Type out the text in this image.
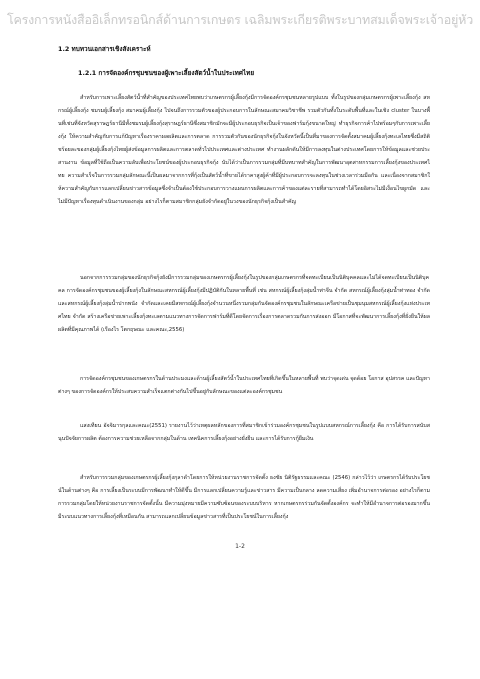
โครงการหนังสืออิเล็กทรอนิกส์ด้านการเกษตร เฉลิมพระเกียรติพระบาทสมเด็จพระเจ้าอยู่หัว
1.2 ทบทวนเอกสารเชิงสังเคราะห์
1.2.1 การจัดองค์กรชุมชนของผู้เพาะเลี้ยงสัตว์น้ำในประเทศไทย

สำหรับการเพาะเลี้ยงสัตว์น้ำที่สำคัญของประเทศไทยพบว่าเกษตรกรผู้เลี้ยงกุ้งมีการจัดองค์กรชุมชนหลายรูปแบบ ทั้งในรูปของกลุ่มเกษตรกรผู้เพาะเลี้ยงกุ้ง สหกรณ์ผู้เลี้ยงกุ้ง ชมรมผู้เลี้ยงกุ้ง สมาคมผู้เลี้ยงกุ้ง ไปจนถึงการรวมตัวของผู้ประกอบการในลักษณะสมาคมวิชาชีพ รวมตัวกันทั้งในระดับพื้นที่และในเชิง cluster ในบางพื้นที่เช่นที่จังหวัดสุราษฎร์ธานีมีทั้งชมรมผู้เลี้ยงกุ้งสุราษฎร์ธานีซึ่งสมาชิกมักจะมีผู้ประกอบธุรกิจเป็นเจ้าของฟาร์มกุ้งขนาดใหญ่ ทำธุรกิจการค้าไปพร้อมๆกับการเพาะเลี้ยงกุ้ง ให้ความสำคัญกับการแก้ปัญหาเรื่องราคาผลผลิตและการตลาด การรวมตัวกันของนักธุรกิจกุ้งในจังหวัดนี้เป็นที่มาของการจัดตั้งสมาคมผู้เลี้ยงกุ้งทะเลไทยซึ่งมีสถิติชร้อยละของกลุ่มผู้เลี้ยงกุ้งไทยผู้ส่งข้อมูลการผลิตและการตลาดทั่วไปประเทศและต่างประเทศ ทำงานผลักดันให้มีการลงทุนในต่างประเทศโดยการให้ข้อมูลและช่วยประสานงาน ข้อมูลที่ใช้ถือเป็นความลับเพื่อประโยชน์ของผู้ประกอบธุรกิจกุ้ง นับได้ว่าเป็นการรวมกลุ่มที่มีบทบาทสำคัญในการพัฒนาอุตสาหกรรมการเลี้ยงกุ้งของประเทศไทย ความสำเร็จในการรวมกลุ่มลักษณะนี้เป็นผลมาจากการที่กุ้งเป็นสัตว์น้ำที่ขายได้ราคาสูงผู้ค้าที่มีผู้ประกอบการจะลงทุนในช่วงเวลาร่วมมือกัน และเนื่องจากสมาชิกให้ความสำคัญกับการแลกเปลี่ยนข่าวสารข้อมูลซึ่งจำเป็นต้องใช้ประกอบการวางแผนการผลิตและการค้าของแต่ละรายที่สามารถทำได้โดยอิสระไม่มีเงื่อนไขผูกมัด และไม่มีปัญหาเรื่องทุนดำเนินงานของกลุ่ม อย่างไรก็ตามสมาชิกกลุ่มยังจำกัดอยู่ในวงของนักธุรกิจกุ้งเป็นสำคัญ

นอกจากการรวมกลุ่มของนักธุรกิจกุ้งยังมีการรวมกลุ่มของเกษตรกรผู้เลี้ยงกุ้งในรูปของกลุ่มเกษตรกรที่จดทะเบียนเป็นนิติบุคคลและไม่ได้จดทะเบียนเป็นนิติบุคคล การจัดองค์กรชุมชนของผู้เลี้ยงกุ้งในลักษณะสหกรณ์ผู้เลี้ยงกุ้งมีปฏิบัติกันในหลายพื้นที่ เช่น สหกรณ์ผู้เลี้ยงกุ้งลุ่มน้ำท่าจีน จำกัด สหกรณ์ผู้เลี้ยงกุ้งลุ่มน้ำท่าทอง จำกัด และสหกรณ์ผู้เลี้ยงกุ้งลุ่มน้ำปากพนัง จำกัดและเคยมีสหกรณ์ผู้เลี้ยงกุ้งจำนวนหนึ่งรวมกลุ่มกันจัดองค์กรชุมชนในลักษณะเครือข่ายเป็นชุมนุมสหกรณ์ผู้เลี้ยงกุ้งแห่งประเทศไทย จำกัด สร้างเครือข่ายเพาะเลี้ยงกุ้งทะเลตามแนวทางการจัดการฟาร์มที่ดีโดยจัดการเรื่องการตลาดรวมกันการส่งออก มีโอกาสที่จะพัฒนาการเลี้ยงกุ้งที่ยั่งยืนให้ผลผลิตที่มีคุณภาพได้ (เรืองไร โตกฤษณะ และคณะ,2556)

การจัดองค์กรชุมชนของเกษตรกรในด้านประมงและด้านผู้เลี้ยงสัตว์น้ำในประเทศไทยที่เกิดขึ้นในหลายพื้นที่ พบว่าจุดเด่น จุดด้อย โอกาส อุปสรรค และปัญหาต่างๆ ของการจัดองค์กรให้ประสบความสำเร็จแตกต่างกันไปขึ้นอยู่กับลักษณะของแต่ละองค์กรชุมชน

แสงเทียน อัจจิมารกุลและคณะ(2551) รายงานไว้ว่าเหตุผลหลักของการที่สมาชิกเข้าร่วมองค์กรชุมชนในรูปแบบสหกรณ์การเลี้ยงกุ้ง คือ การได้รับการสนับสนุนปัจจัยการผลิต ต้องการความช่วยเหลือจากกลุ่มในด้าน เทคนิคการเลี้ยงกุ้งอย่างยั่งยืน และการได้รับการกู้ยืมเงิน

สำหรับการรวมกลุ่มของเกษตรกรผู้เลี้ยงกุ้งกุลาดำโดยการให้หน่วยงานราชการจัดตั้ง ธงชัย นิติรัฐธรรมและคณะ (2546) กล่าวไว้ว่า เกษตรกรได้รับประโยชน์ในด้านต่างๆ คือ การเลี้ยงเป็นระบบมีการพัฒนาทำให้ดีขึ้น มีการแลกเปลี่ยนความรู้และข่าวสาร มีความเป็นกลาง ลดความเสี่ยง เพิ่มอำนาจการต่อรอง อย่างไรก็ตามการรวมกลุ่มโดยให้หน่วยงานราชการจัดตั้งนั้น มีความมุ่งหมายมีความซับซ้อนของระบบบริหาร หากเกษตรกรร่วมกันจัดตั้งองค์กร จะทำให้มีอำนาจการต่อรองมากขึ้น มีระบบแนวทางการเลี้ยงกุ้งที่เหมือนกัน สามารถแลกเปลี่ยนข้อมูลข่าวสารที่เป็นประโยชน์ในการเลี้ยงกุ้ง

1-2
